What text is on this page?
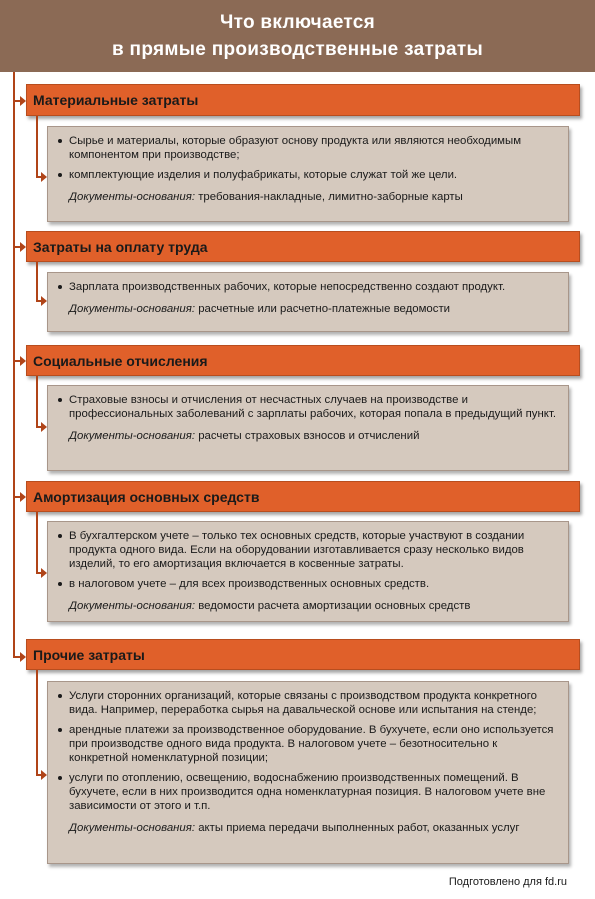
Что включается
в прямые производственные затраты
Материальные затраты
Сырье и материалы, которые образуют основу продукта или являются необходимым компонентом при производстве;
комплектующие изделия и полуфабрикаты, которые служат той же цели.
Документы-основания: требования-накладные, лимитно-заборные карты
Затраты на оплату труда
Зарплата производственных рабочих, которые непосредственно создают продукт.
Документы-основания: расчетные или расчетно-платежные ведомости
Социальные отчисления
Страховые взносы и отчисления от несчастных случаев на производстве и профессиональных заболеваний с зарплаты рабочих, которая попала в предыдущий пункт.
Документы-основания: расчеты страховых взносов и отчислений
Амортизация основных средств
В бухгалтерском учете – только тех основных средств, которые участвуют в создании продукта одного вида. Если на оборудовании изготавливается сразу несколько видов изделий, то его амортизация включается в косвенные затраты.
в налоговом учете – для всех производственных основных средств.
Документы-основания: ведомости расчета амортизации основных средств
Прочие затраты
Услуги сторонних организаций, которые связаны с производством продукта конкретного вида. Например, переработка сырья на давальческой основе или испытания на стенде;
арендные платежи за производственное оборудование. В бухучете, если оно используется при производстве одного вида продукта. В налоговом учете – безотносительно к конкретной номенклатурной позиции;
услуги по отоплению, освещению, водоснабжению производственных помещений. В бухучете, если в них производится одна номенклатурная позиция. В налоговом учете вне зависимости от этого и т.п.
Документы-основания: акты приема передачи выполненных работ, оказанных услуг
Подготовлено для fd.ru
